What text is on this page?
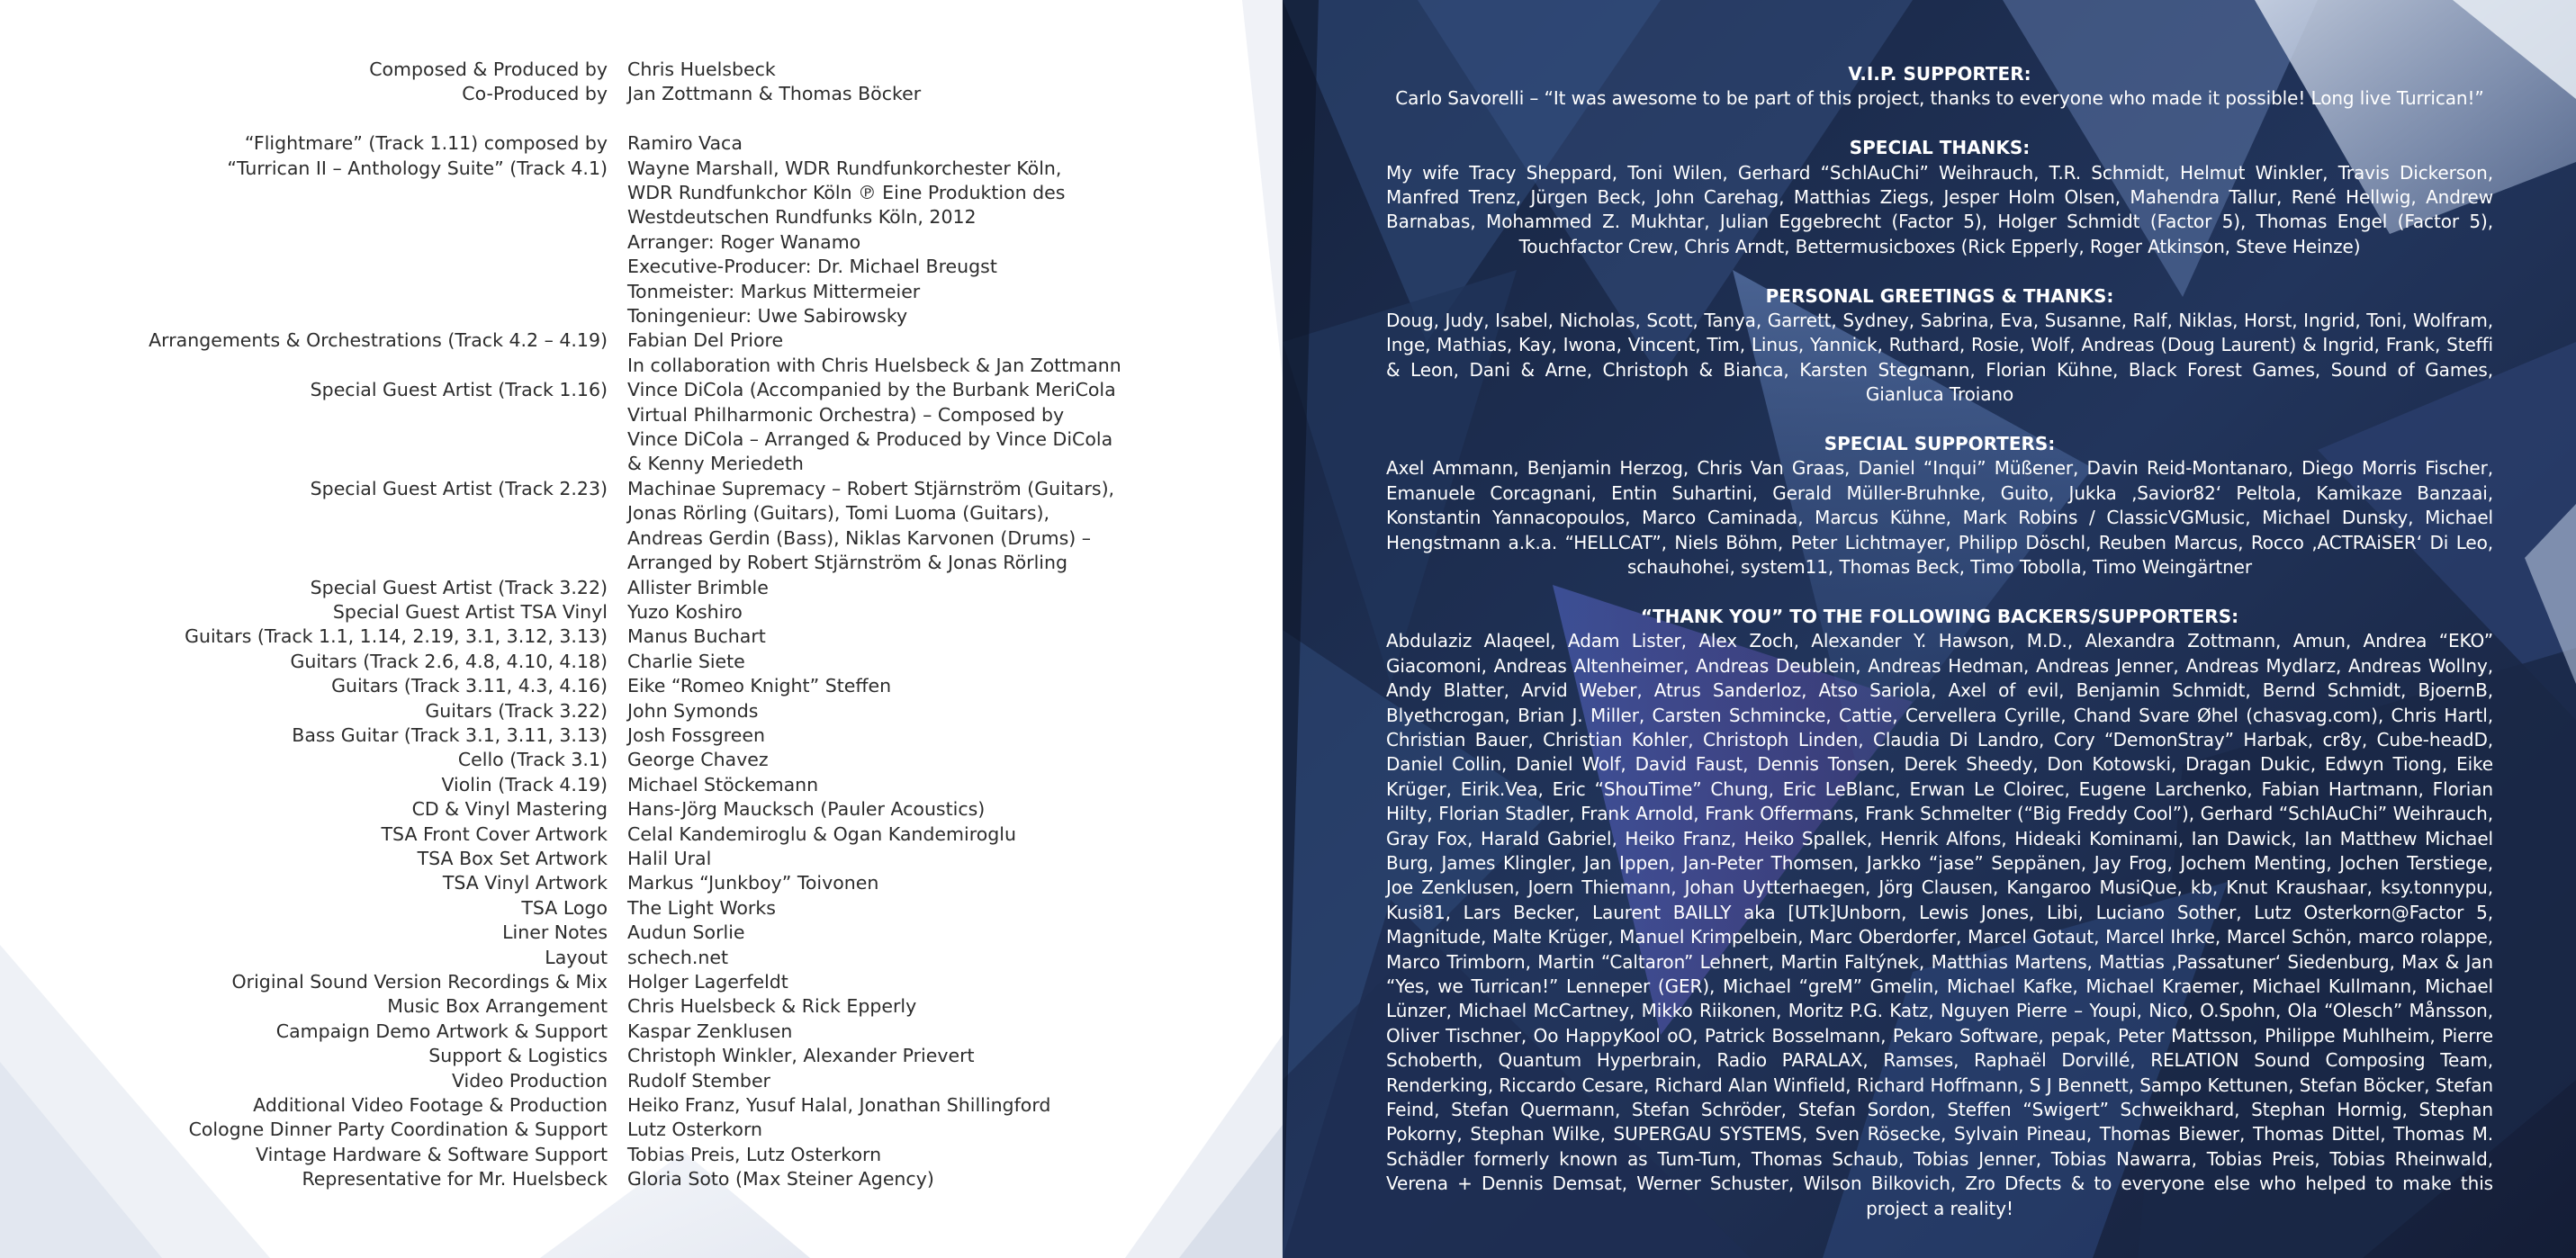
Composed & Produced by	Chris Huelsbeck
Co-Produced by	Jan Zottmann & Thomas Böcker
“Flightmare” (Track 1.11) composed by	Ramiro Vaca
“Turrican II – Anthology Suite” (Track 4.1)	Wayne Marshall, WDR Rundfunkorchester Köln,
WDR Rundfunkchor Köln ℗ Eine Produktion des
Westdeutschen Rundfunks Köln, 2012
Arranger: Roger Wanamo
Executive-Producer: Dr. Michael Breugst
Tonmeister: Markus Mittermeier
Toningenieur: Uwe Sabirowsky
Arrangements & Orchestrations (Track 4.2 – 4.19)	Fabian Del Priore
In collaboration with Chris Huelsbeck & Jan Zottmann
Special Guest Artist (Track 1.16)	Vince DiCola (Accompanied by the Burbank MeriCola
Virtual Philharmonic Orchestra) – Composed by
Vince DiCola – Arranged & Produced by Vince DiCola
& Kenny Meriedeth
Special Guest Artist (Track 2.23)	Machinae Supremacy – Robert Stjärnström (Guitars),
Jonas Rörling (Guitars), Tomi Luoma (Guitars),
Andreas Gerdin (Bass), Niklas Karvonen (Drums) –
Arranged by Robert Stjärnström & Jonas Rörling
Special Guest Artist (Track 3.22)	Allister Brimble
Special Guest Artist TSA Vinyl	Yuzo Koshiro
Guitars (Track 1.1, 1.14, 2.19, 3.1, 3.12, 3.13)	Manus Buchart
Guitars (Track 2.6, 4.8, 4.10, 4.18)	Charlie Siete
Guitars (Track 3.11, 4.3, 4.16)	Eike “Romeo Knight” Steffen
Guitars (Track 3.22)	John Symonds
Bass Guitar (Track 3.1, 3.11, 3.13)	Josh Fossgreen
Cello (Track 3.1)	George Chavez
Violin (Track 4.19)	Michael Stöckemann
CD & Vinyl Mastering	Hans-Jörg Maucksch (Pauler Acoustics)
TSA Front Cover Artwork	Celal Kandemiroglu & Ogan Kandemiroglu
TSA Box Set Artwork	Halil Ural
TSA Vinyl Artwork	Markus “Junkboy” Toivonen
TSA Logo	The Light Works
Liner Notes	Audun Sorlie
Layout	schech.net
Original Sound Version Recordings & Mix	Holger Lagerfeldt
Music Box Arrangement	Chris Huelsbeck & Rick Epperly
Campaign Demo Artwork & Support	Kaspar Zenklusen
Support & Logistics	Christoph Winkler, Alexander Prievert
Video Production	Rudolf Stember
Additional Video Footage & Production	Heiko Franz, Yusuf Halal, Jonathan Shillingford
Cologne Dinner Party Coordination & Support	Lutz Osterkorn
Vintage Hardware & Software Support	Tobias Preis, Lutz Osterkorn
Representative for Mr. Huelsbeck	Gloria Soto (Max Steiner Agency)
V.I.P. SUPPORTER:
Carlo Savorelli – “It was awesome to be part of this project, thanks to everyone who made it possible! Long live Turrican!”
SPECIAL THANKS:
My wife Tracy Sheppard, Toni Wilen, Gerhard “SchlAuChi” Weihrauch, T.R. Schmidt, Helmut Winkler, Travis Dickerson, Manfred Trenz, Jürgen Beck, John Carehag, Matthias Ziegs, Jesper Holm Olsen, Mahendra Tallur, René Hellwig, Andrew Barnabas, Mohammed Z. Mukhtar, Julian Eggebrecht (Factor 5), Holger Schmidt (Factor 5), Thomas Engel (Factor 5), Touchfactor Crew, Chris Arndt, Bettermusicboxes (Rick Epperly, Roger Atkinson, Steve Heinze)
PERSONAL GREETINGS & THANKS:
Doug, Judy, Isabel, Nicholas, Scott, Tanya, Garrett, Sydney, Sabrina, Eva, Susanne, Ralf, Niklas, Horst, Ingrid, Toni, Wolfram, Inge, Mathias, Kay, Iwona, Vincent, Tim, Linus, Yannick, Ruthard, Rosie, Wolf, Andreas (Doug Laurent) & Ingrid, Frank, Steffi & Leon, Dani & Arne, Christoph & Bianca, Karsten Stegmann, Florian Kühne, Black Forest Games, Sound of Games, Gianluca Troiano
SPECIAL SUPPORTERS:
Axel Ammann, Benjamin Herzog, Chris Van Graas, Daniel “Inqui” Müßener, Davin Reid-Montanaro, Diego Morris Fischer, Emanuele Corcagnani, Entin Suhartini, Gerald Müller-Bruhnke, Guito, Jukka ‚Savior82‘ Peltola, Kamikaze Banzaai, Konstantin Yannacopoulos, Marco Caminada, Marcus Kühne, Mark Robins / ClassicVGMusic, Michael Dunsky, Michael Hengstmann a.k.a. “HELLCAT”, Niels Böhm, Peter Lichtmayer, Philipp Döschl, Reuben Marcus, Rocco ‚ACTRAiSER‘ Di Leo, schauhohei, system11, Thomas Beck, Timo Tobolla, Timo Weingärtner
“THANK YOU” TO THE FOLLOWING BACKERS/SUPPORTERS:
Abdulaziz Alaqeel, Adam Lister, Alex Zoch, Alexander Y. Hawson, M.D., Alexandra Zottmann, Amun, Andrea “EKO” Giacomoni, Andreas Altenheimer, Andreas Deublein, Andreas Hedman, Andreas Jenner, Andreas Mydlarz, Andreas Wollny, Andy Blatter, Arvid Weber, Atrus Sanderloz, Atso Sariola, Axel of evil, Benjamin Schmidt, Bernd Schmidt, BjoernB, Blyethcrogan, Brian J. Miller, Carsten Schmincke, Cattie, Cervellera Cyrille, Chand Svare Øhel (chasvag.com), Chris Hartl, Christian Bauer, Christian Kohler, Christoph Linden, Claudia Di Landro, Cory “DemonStray” Harbak, cr8y, Cube-headD, Daniel Collin, Daniel Wolf, David Faust, Dennis Tonsen, Derek Sheedy, Don Kotowski, Dragan Dukic, Edwyn Tiong, Eike Krüger, Eirik.Vea, Eric “ShouTime” Chung, Eric LeBlanc, Erwan Le Cloirec, Eugene Larchenko, Fabian Hartmann, Florian Hilty, Florian Stadler, Frank Arnold, Frank Offermans, Frank Schmelter (“Big Freddy Cool”), Gerhard “SchlAuChi” Weihrauch, Gray Fox, Harald Gabriel, Heiko Franz, Heiko Spallek, Henrik Alfons, Hideaki Kominami, Ian Dawick, Ian Matthew Michael Burg, James Klingler, Jan Ippen, Jan-Peter Thomsen, Jarkko “jase” Seppänen, Jay Frog, Jochem Menting, Jochen Terstiege, Joe Zenklusen, Joern Thiemann, Johan Uytterhaegen, Jörg Clausen, Kangaroo MusiQue, kb, Knut Kraushaar, ksy.tonnypu, Kusi81, Lars Becker, Laurent BAILLY aka [UTk]Unborn, Lewis Jones, Libi, Luciano Sother, Lutz Osterkorn@Factor 5, Magnitude, Malte Krüger, Manuel Krimpelbein, Marc Oberdorfer, Marcel Gotaut, Marcel Ihrke, Marcel Schön, marco rolappe, Marco Trimborn, Martin “Caltaron” Lehnert, Martin Faltýnek, Matthias Martens, Mattias ‚Passatuner‘ Siedenburg, Max & Jan “Yes, we Turrican!” Lenneper (GER), Michael “greM” Gmelin, Michael Kafke, Michael Kraemer, Michael Kullmann, Michael Lünzer, Michael McCartney, Mikko Riikonen, Moritz P.G. Katz, Nguyen Pierre – Youpi, Nico, O.Spohn, Ola “Olesch” Månsson, Oliver Tischner, Oo HappyKool oO, Patrick Bosselmann, Pekaro Software, pepak, Peter Mattsson, Philippe Muhlheim, Pierre Schoberth, Quantum Hyperbrain, Radio PARALAX, Ramses, Raphaël Dorvillé, RELATION Sound Composing Team, Renderking, Riccardo Cesare, Richard Alan Winfield, Richard Hoffmann, S J Bennett, Sampo Kettunen, Stefan Böcker, Stefan Feind, Stefan Quermann, Stefan Schröder, Stefan Sordon, Steffen “Swigert” Schweikhard, Stephan Hormig, Stephan Pokorny, Stephan Wilke, SUPERGAU SYSTEMS, Sven Rösecke, Sylvain Pineau, Thomas Biewer, Thomas Dittel, Thomas M. Schädler formerly known as Tum-Tum, Thomas Schaub, Tobias Jenner, Tobias Nawarra, Tobias Preis, Tobias Rheinwald, Verena + Dennis Demsat, Werner Schuster, Wilson Bilkovich, Zro Dfects & to everyone else who helped to make this project a reality!
